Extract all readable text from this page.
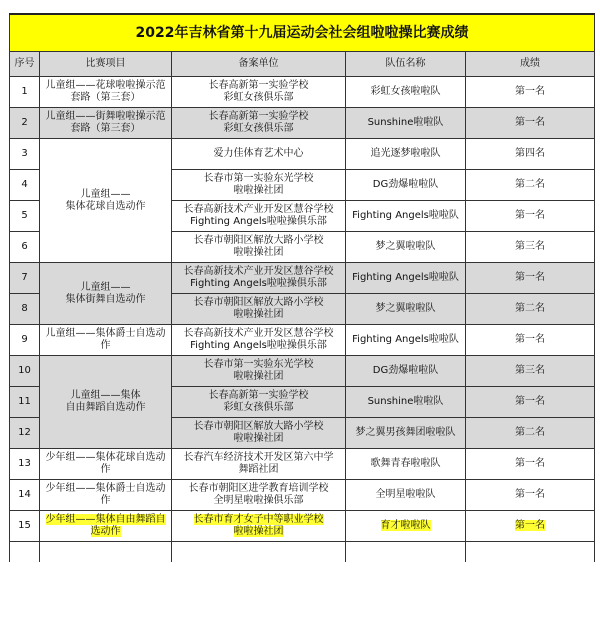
2022年吉林省第十九届运动会社会组啦啦操比赛成绩				
序号	比赛项目	备案单位	队伍名称	成绩
1	儿童组——花球啦啦操示范套路（第三套）	长春高新第一实验学校
彩虹女孩俱乐部	彩虹女孩啦啦队	第一名
2	儿童组——街舞啦啦操示范套路（第三套）	长春高新第一实验学校
彩虹女孩俱乐部	Sunshine啦啦队	第一名
3	儿童组——
集体花球自选动作	爱力佳体育艺术中心	追光逐梦啦啦队	第四名
4		长春市第一实验东光学校
啦啦操社团	DG劲爆啦啦队	第二名
5		长春高新技术产业开发区慧谷学校
Fighting Angels啦啦操俱乐部	Fighting Angels啦啦队	第一名
6		长春市朝阳区解放大路小学校
啦啦操社团	梦之翼啦啦队	第三名
7	儿童组——
集体街舞自选动作	长春高新技术产业开发区慧谷学校
Fighting Angels啦啦操俱乐部	Fighting Angels啦啦队	第一名
8		长春市朝阳区解放大路小学校
啦啦操社团	梦之翼啦啦队	第二名
9	儿童组——集体爵士自选动作	长春高新技术产业开发区慧谷学校
Fighting Angels啦啦操俱乐部	Fighting Angels啦啦队	第一名
10	儿童组——集体
自由舞蹈自选动作	长春市第一实验东光学校
啦啦操社团	DG劲爆啦啦队	第三名
11		长春高新第一实验学校
彩虹女孩俱乐部	Sunshine啦啦队	第一名
12		长春市朝阳区解放大路小学校
啦啦操社团	梦之翼男孩舞团啦啦队	第二名
13	少年组——集体花球自选动作	长春汽车经济技术开发区第六中学
舞蹈社团	歌舞青春啦啦队	第一名
14	少年组——集体爵士自选动作	长春市朝阳区进学教育培训学校
全明星啦啦操俱乐部	全明星啦啦队	第一名
15	少年组——集体自由舞蹈自选动作	长春市育才女子中等职业学校
啦啦操社团	育才啦啦队	第一名
